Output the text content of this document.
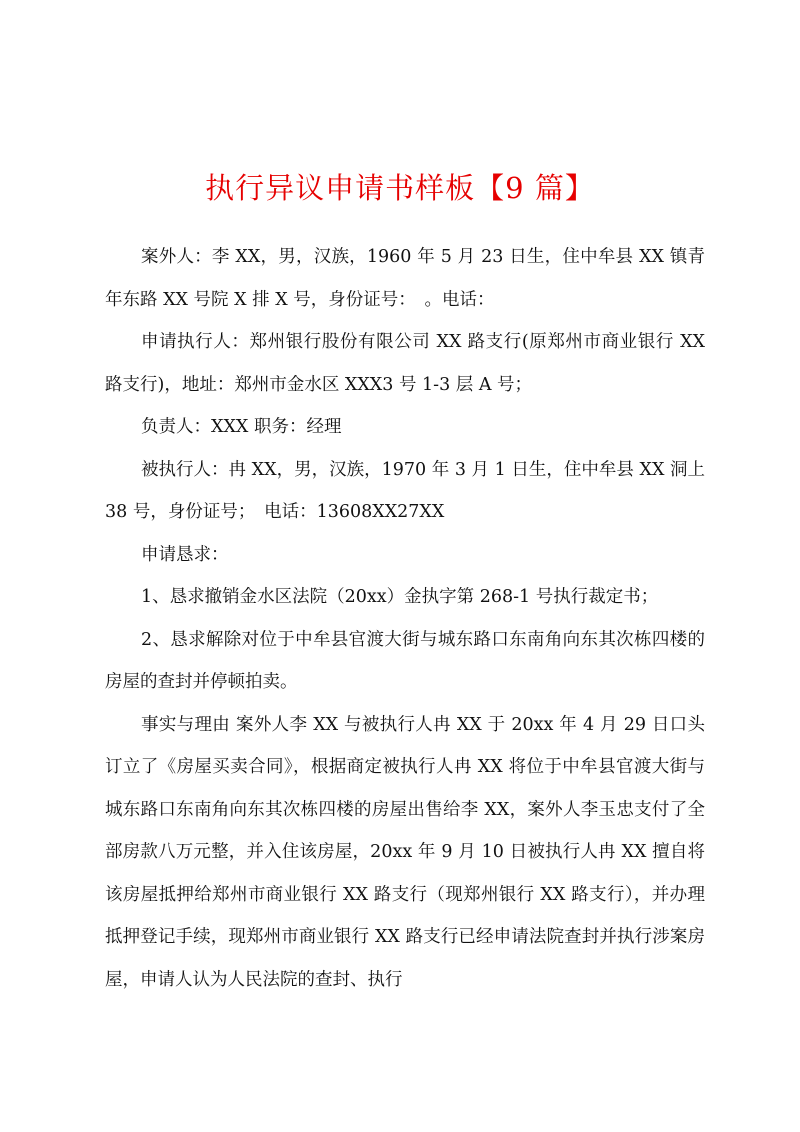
执行异议申请书样板【9 篇】

案外人：李 XX，男，汉族，1960 年 5 月 23 日生，住中牟县 XX 镇青年东路 XX 号院 X 排 X 号，身份证号：　。电话：

申请执行人：郑州银行股份有限公司 XX 路支行(原郑州市商业银行 XX 路支行)，地址：郑州市金水区 XXX3 号 1-3 层 A 号；

负责人：XXX 职务：经理

被执行人：冉 XX，男，汉族，1970 年 3 月 1 日生，住中牟县 XX 洞上 38 号，身份证号；　电话：13608XX27XX

申请恳求：

1、恳求撤销金水区法院（20xx）金执字第 268-1 号执行裁定书；

2、恳求解除对位于中牟县官渡大街与城东路口东南角向东其次栋四楼的房屋的查封并停顿拍卖。

事实与理由 案外人李 XX 与被执行人冉 XX 于 20xx 年 4 月 29 日口头订立了《房屋买卖合同》，根据商定被执行人冉 XX 将位于中牟县官渡大街与城东路口东南角向东其次栋四楼的房屋出售给李 XX，案外人李玉忠支付了全部房款八万元整，并入住该房屋，20xx 年 9 月 10 日被执行人冉 XX 擅自将该房屋抵押给郑州市商业银行 XX 路支行（现郑州银行 XX 路支行），并办理抵押登记手续，现郑州市商业银行 XX 路支行已经申请法院查封并执行涉案房屋，申请人认为人民法院的查封、执行
